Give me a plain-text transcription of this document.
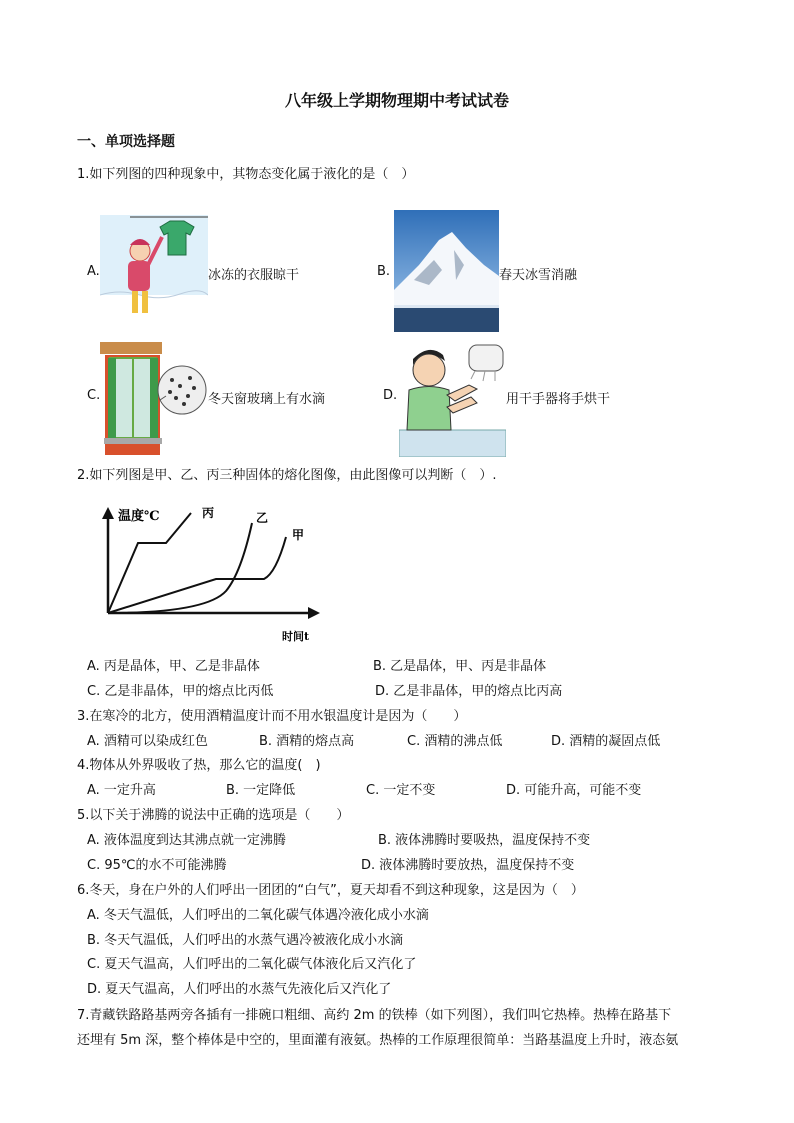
八年级上学期物理期中考试试卷
一、单项选择题
1.如下列图的四种现象中，其物态变化属于液化的是（　）
A.	冰冻的衣服晾干	B.	春天冰雪消融
C.	冬天窗玻璃上有水滴	D.	用干手器将手烘干
2.如下列图是甲、乙、丙三种固体的熔化图像，由此图像可以判断（　）.
温度℃
时间t
丙	乙
甲
A. 丙是晶体，甲、乙是非晶体	B. 乙是晶体，甲、丙是非晶体
C. 乙是非晶体，甲的熔点比丙低	D. 乙是非晶体，甲的熔点比丙高
3.在寒冷的北方，使用酒精温度计而不用水银温度计是因为（　　）
A. 酒精可以染成红色	B. 酒精的熔点高	C. 酒精的沸点低	D. 酒精的凝固点低
4.物体从外界吸收了热，那么它的温度(　)
A. 一定升高	B. 一定降低	C. 一定不变	D. 可能升高，可能不变
5.以下关于沸腾的说法中正确的选项是（　　）
A. 液体温度到达其沸点就一定沸腾	B. 液体沸腾时要吸热，温度保持不变
C. 95℃的水不可能沸腾	D. 液体沸腾时要放热，温度保持不变
6.冬天，身在户外的人们呼出一团团的“白气”，夏天却看不到这种现象，这是因为（　）
A. 冬天气温低，人们呼出的二氧化碳气体遇冷液化成小水滴
B. 冬天气温低，人们呼出的水蒸气遇冷被液化成小水滴
C. 夏天气温高，人们呼出的二氧化碳气体液化后又汽化了
D. 夏天气温高，人们呼出的水蒸气先液化后又汽化了
7.青藏铁路路基两旁各插有一排碗口粗细、高约 2m 的铁棒（如下列图），我们叫它热棒。热棒在路基下
还埋有 5m 深，整个棒体是中空的，里面灌有液氨。热棒的工作原理很简单：当路基温度上升时，液态氨
